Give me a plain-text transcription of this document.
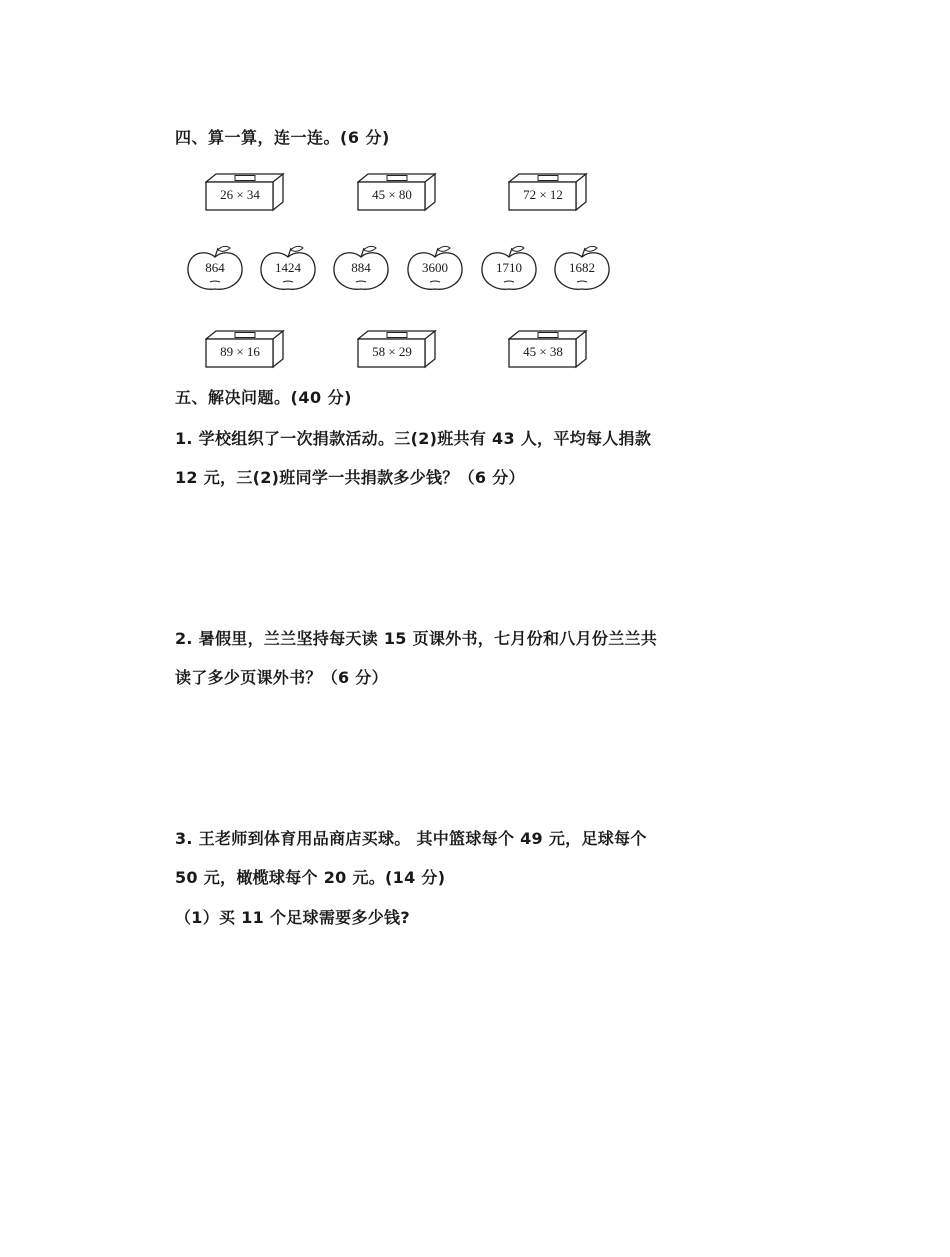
四、算一算，连一连。(6 分)
26 × 34	45 × 80	72 × 12
864	1424	884	3600	1710	1682
89 × 16	58 × 29	45 × 38
五、解决问题。(40 分)
1. 学校组织了一次捐款活动。三(2)班共有 43 人，平均每人捐款
12 元，三(2)班同学一共捐款多少钱？（6 分）
2. 暑假里，兰兰坚持每天读 15 页课外书，七月份和八月份兰兰共
读了多少页课外书？（6 分）
3. 王老师到体育用品商店买球。 其中篮球每个 49 元，足球每个
50 元，橄榄球每个 20 元。(14 分)
（1）买 11 个足球需要多少钱?
